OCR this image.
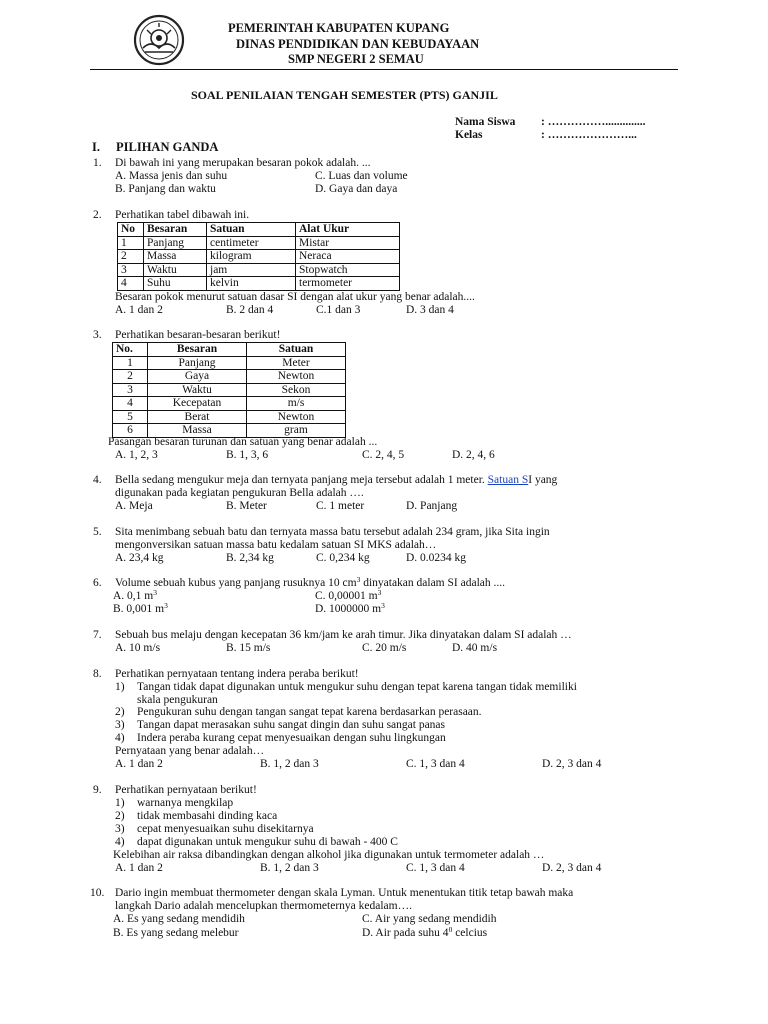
PEMERINTAH KABUPATEN KUPANG
DINAS PENDIDIKAN DAN KEBUDAYAAN
SMP NEGERI 2 SEMAU
SOAL PENILAIAN TENGAH SEMESTER (PTS) GANJIL
Nama Siswa : ……………..............
Kelas	: …………………...
I. PILIHAN GANDA
1. Di bawah ini yang merupakan besaran pokok adalah. ...
A. Massa jenis dan suhu	C. Luas dan volume
B. Panjang dan waktu	D. Gaya dan daya
2. Perhatikan tabel dibawah ini.
No	Besaran	Satuan	Alat Ukur
1	Panjang	centimeter	Mistar
2	Massa	kilogram	Neraca
3	Waktu	jam	Stopwatch
4	Suhu	kelvin	termometer
Besaran pokok menurut satuan dasar SI dengan alat ukur yang benar adalah....
A. 1 dan 2	B. 2 dan 4	C.1 dan 3	D. 3 dan 4
3. Perhatikan besaran-besaran berikut!
No.	Besaran	Satuan
1	Panjang	Meter
2	Gaya	Newton
3	Waktu	Sekon
4	Kecepatan	m/s
5	Berat	Newton
6	Massa	gram
Pasangan besaran turunan dan satuan yang benar adalah ...
A. 1, 2, 3	B. 1, 3, 6	C. 2, 4, 5	D. 2, 4, 6
4. Bella sedang mengukur meja dan ternyata panjang meja tersebut adalah 1 meter. Satuan SI yang
digunakan pada kegiatan pengukuran Bella adalah ….
A. Meja	B. Meter	C. 1 meter	D. Panjang
5. Sita menimbang sebuah batu dan ternyata massa batu tersebut adalah 234 gram, jika Sita ingin
mengonversikan satuan massa batu kedalam satuan SI MKS adalah…
A. 23,4 kg	B. 2,34 kg	C. 0,234 kg	D. 0.0234 kg
6. Volume sebuah kubus yang panjang rusuknya 10 $cm^3$ dinyatakan dalam SI adalah ....
A. 0,1 $m^3$	C. 0,00001 $m^3$
B. 0,001 $m^3$	D. 1000000 $m^3$
7. Sebuah bus melaju dengan kecepatan 36 km/jam ke arah timur. Jika dinyatakan dalam SI adalah …
A. 10 m/s	B. 15 m/s	C. 20 m/s	D. 40 m/s
8. Perhatikan pernyataan tentang indera peraba berikut!
1) Tangan tidak dapat digunakan untuk mengukur suhu dengan tepat karena tangan tidak memiliki
skala pengukuran
2) Pengukuran suhu dengan tangan sangat tepat karena berdasarkan perasaan.
3) Tangan dapat merasakan suhu sangat dingin dan suhu sangat panas
4) Indera peraba kurang cepat menyesuaikan dengan suhu lingkungan
Pernyataan yang benar adalah…
A. 1 dan 2	B. 1, 2 dan 3	C. 1, 3 dan 4	D. 2, 3 dan 4
9. Perhatikan pernyataan berikut!
1) warnanya mengkilap
2) tidak membasahi dinding kaca
3) cepat menyesuaikan suhu disekitarnya
4) dapat digunakan untuk mengukur suhu di bawah - 400 C
Kelebihan air raksa dibandingkan dengan alkohol jika digunakan untuk termometer adalah …
A. 1 dan 2	B. 1, 2 dan 3	C. 1, 3 dan 4	D. 2, 3 dan 4
10. Dario ingin membuat thermometer dengan skala Lyman. Untuk menentukan titik tetap bawah maka
langkah Dario adalah mencelupkan thermometernya kedalam….
A. Es yang sedang mendidih	C. Air yang sedang mendidih
B. Es yang sedang melebur	D. Air pada suhu $4^0$ celcius
